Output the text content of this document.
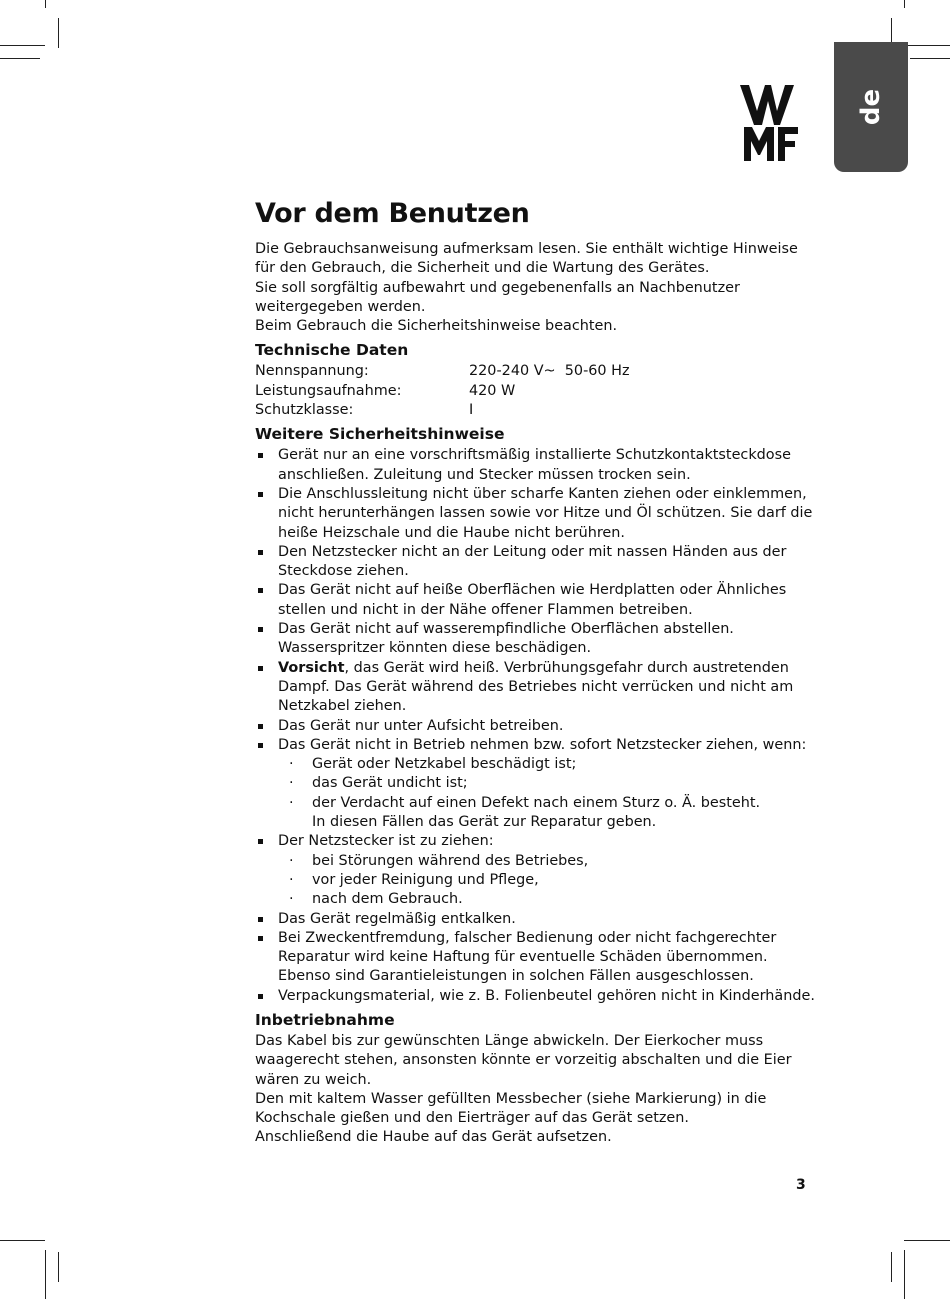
de
Vor dem Benutzen

Die Gebrauchsanweisung aufmerksam lesen. Sie enthält wichtige Hinweise für den Gebrauch, die Sicherheit und die Wartung des Gerätes.

Sie soll sorgfältig aufbewahrt und gegebenenfalls an Nachbenutzer weitergegeben werden.

Beim Gebrauch die Sicherheitshinweise beachten.

Technische Daten
Nennspannung:	220-240 V~  50-60 Hz
Leistungsaufnahme:	420 W
Schutzklasse:	I
Weitere Sicherheitshinweise
Gerät nur an eine vorschriftsmäßig installierte Schutzkontaktsteckdose anschließen. Zuleitung und Stecker müssen trocken sein.
Die Anschlussleitung nicht über scharfe Kanten ziehen oder einklemmen, nicht herunterhängen lassen sowie vor Hitze und Öl schützen. Sie darf die heiße Heizschale und die Haube nicht berühren.
Den Netzstecker nicht an der Leitung oder mit nassen Händen aus der Steckdose ziehen.
Das Gerät nicht auf heiße Oberflächen wie Herdplatten oder Ähnliches stellen und nicht in der Nähe offener Flammen betreiben.
Das Gerät nicht auf wasserempfindliche Oberflächen abstellen. Wasserspritzer könnten diese beschädigen.
Vorsicht, das Gerät wird heiß. Verbrühungsgefahr durch austretenden Dampf. Das Gerät während des Betriebes nicht verrücken und nicht am Netzkabel ziehen.
Das Gerät nur unter Aufsicht betreiben.
Das Gerät nicht in Betrieb nehmen bzw. sofort Netzstecker ziehen, wenn:
· Gerät oder Netzkabel beschädigt ist;
· das Gerät undicht ist;
· der Verdacht auf einen Defekt nach einem Sturz o. Ä. besteht.
In diesen Fällen das Gerät zur Reparatur geben.
Der Netzstecker ist zu ziehen:
· bei Störungen während des Betriebes,
· vor jeder Reinigung und Pflege,
· nach dem Gebrauch.
Das Gerät regelmäßig entkalken.
Bei Zweckentfremdung, falscher Bedienung oder nicht fachgerechter Reparatur wird keine Haftung für eventuelle Schäden übernommen.
Ebenso sind Garantieleistungen in solchen Fällen ausgeschlossen.
Verpackungsmaterial, wie z. B. Folienbeutel gehören nicht in Kinderhände.
Inbetriebnahme

Das Kabel bis zur gewünschten Länge abwickeln. Der Eierkocher muss waagerecht stehen, ansonsten könnte er vorzeitig abschalten und die Eier wären zu weich.

Den mit kaltem Wasser gefüllten Messbecher (siehe Markierung) in die Kochschale gießen und den Eierträger auf das Gerät setzen.

Anschließend die Haube auf das Gerät aufsetzen.

3
